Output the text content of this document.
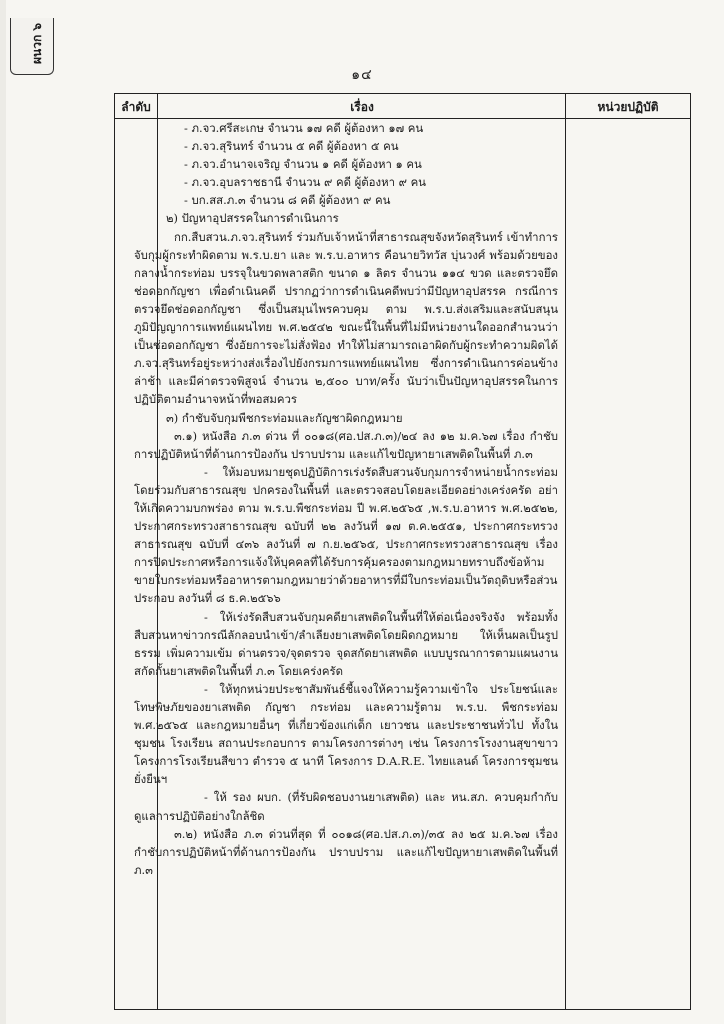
ผนวก ๖
๑๔
ลำดับ	เรื่อง	หน่วยปฏิบัติ

- ภ.จว.ศรีสะเกษ จำนวน ๑๗ คดี ผู้ต้องหา ๑๗ คน

- ภ.จว.สุรินทร์ จำนวน ๕ คดี ผู้ต้องหา ๕ คน

- ภ.จว.อำนาจเจริญ จำนวน ๑ คดี ผู้ต้องหา ๑ คน

- ภ.จว.อุบลราชธานี จำนวน ๙ คดี ผู้ต้องหา ๙ คน

- บก.สส.ภ.๓ จำนวน ๘ คดี ผู้ต้องหา ๙ คน

๒) ปัญหาอุปสรรคในการดำเนินการ

กก.สืบสวน.ภ.จว.สุรินทร์ ร่วมกับเจ้าหน้าที่สาธารณสุขจังหวัดสุรินทร์ เข้าทำการจับกุมผู้กระทำผิดตาม พ.ร.บ.ยา และ พ.ร.บ.อาหาร คือนายวิทวัส บุ่นวงศ์ พร้อมด้วยของกลางน้ำกระท่อม บรรจุในขวดพลาสติก ขนาด ๑ ลิตร จำนวน ๑๑๔ ขวด และตรวจยึดช่อดอกกัญชา เพื่อดำเนินคดี ปรากฏว่าการดำเนินคดีพบว่ามีปัญหาอุปสรรค กรณีการตรวจยึดช่อดอกกัญชา ซึ่งเป็นสมุนไพรควบคุม ตาม พ.ร.บ.ส่งเสริมและสนับสนุนภูมิปัญญาการแพทย์แผนไทย พ.ศ.๒๕๔๒ ขณะนี้ในพื้นที่ไม่มีหน่วยงานใดออกสำนวนว่าเป็นช่อดอกกัญชา ซึ่งอัยการจะไม่สั่งฟ้อง ทำให้ไม่สามารถเอาผิดกับผู้กระทำความผิดได้ ภ.จว.สุรินทร์อยู่ระหว่างส่งเรื่องไปยังกรมการแพทย์แผนไทย ซึ่งการดำเนินการค่อนข้างล่าช้า และมีค่าตรวจพิสูจน์ จำนวน ๒,๕๐๐ บาท/ครั้ง นับว่าเป็นปัญหาอุปสรรคในการปฏิบัติตามอำนาจหน้าที่พอสมควร

๓) กำชับจับกุมพืชกระท่อมและกัญชาผิดกฎหมาย

๓.๑) หนังสือ ภ.๓ ด่วน ที่ ๐๐๑๘(ศอ.ปส.ภ.๓)/๒๔ ลง ๑๒ ม.ค.๖๗ เรื่อง กำชับการปฏิบัติหน้าที่ด้านการป้องกัน ปราบปราม และแก้ไขปัญหายาเสพติดในพื้นที่ ภ.๓

- ให้มอบหมายชุดปฏิบัติการเร่งรัดสืบสวนจับกุมการจำหน่ายน้ำกระท่อม โดยร่วมกับสาธารณสุข ปกครองในพื้นที่ และตรวจสอบโดยละเอียดอย่างเคร่งครัด อย่าให้เกิดความบกพร่อง ตาม พ.ร.บ.พืชกระท่อม ปี พ.ศ.๒๕๖๕ ,พ.ร.บ.อาหาร พ.ศ.๒๕๒๒, ประกาศกระทรวงสาธารณสุข ฉบับที่ ๒๒ ลงวันที่ ๑๗ ต.ค.๒๕๕๑, ประกาศกระทรวงสาธารณสุข ฉบับที่ ๔๓๖ ลงวันที่ ๗ ก.ย.๒๕๖๕, ประกาศกระทรวงสาธารณสุข เรื่อง การปิดประกาศหรือการแจ้งให้บุคคลที่ได้รับการคุ้มครองตามกฎหมายทราบถึงข้อห้ามขายใบกระท่อมหรืออาหารตามกฎหมายว่าด้วยอาหารที่มีใบกระท่อมเป็นวัตถุดิบหรือส่วนประกอบ ลงวันที่ ๘ ธ.ค.๒๕๖๖

- ให้เร่งรัดสืบสวนจับกุมคดียาเสพติดในพื้นที่ให้ต่อเนื่องจริงจัง พร้อมทั้งสืบสวนหาข่าวกรณีลักลอบนำเข้า/ลำเลียงยาเสพติดโดยผิดกฎหมาย ให้เห็นผลเป็นรูปธรรม เพิ่มความเข้ม ด่านตรวจ/จุดตรวจ จุดสกัดยาเสพติด แบบบูรณาการตามแผนงานสกัดกั้นยาเสพติดในพื้นที่ ภ.๓ โดยเคร่งครัด

- ให้ทุกหน่วยประชาสัมพันธ์ชี้แจงให้ความรู้ความเข้าใจ ประโยชน์และโทษพิษภัยของยาเสพติด กัญชา กระท่อม และความรู้ตาม พ.ร.บ. พืชกระท่อม พ.ศ.๒๕๖๕ และกฎหมายอื่นๆ ที่เกี่ยวข้องแก่เด็ก เยาวชน และประชาชนทั่วไป ทั้งในชุมชน โรงเรียน สถานประกอบการ ตามโครงการต่างๆ เช่น โครงการโรงงานสุขาขาว โครงการโรงเรียนสีขาว ตำรวจ ๕ นาที โครงการ D.A.R.E. ไทยแลนด์ โครงการชุมชนยั่งยืนฯ

- ให้ รอง ผบก. (ที่รับผิดชอบงานยาเสพติด) และ หน.สภ. ควบคุมกำกับดูแลการปฏิบัติอย่างใกล้ชิด

๓.๒) หนังสือ ภ.๓ ด่วนที่สุด ที่ ๐๐๑๘(ศอ.ปส.ภ.๓)/๓๕ ลง ๒๕ ม.ค.๖๗ เรื่อง กำชับการปฏิบัติหน้าที่ด้านการป้องกัน ปราบปราม และแก้ไขปัญหายาเสพติดในพื้นที่ ภ.๓
